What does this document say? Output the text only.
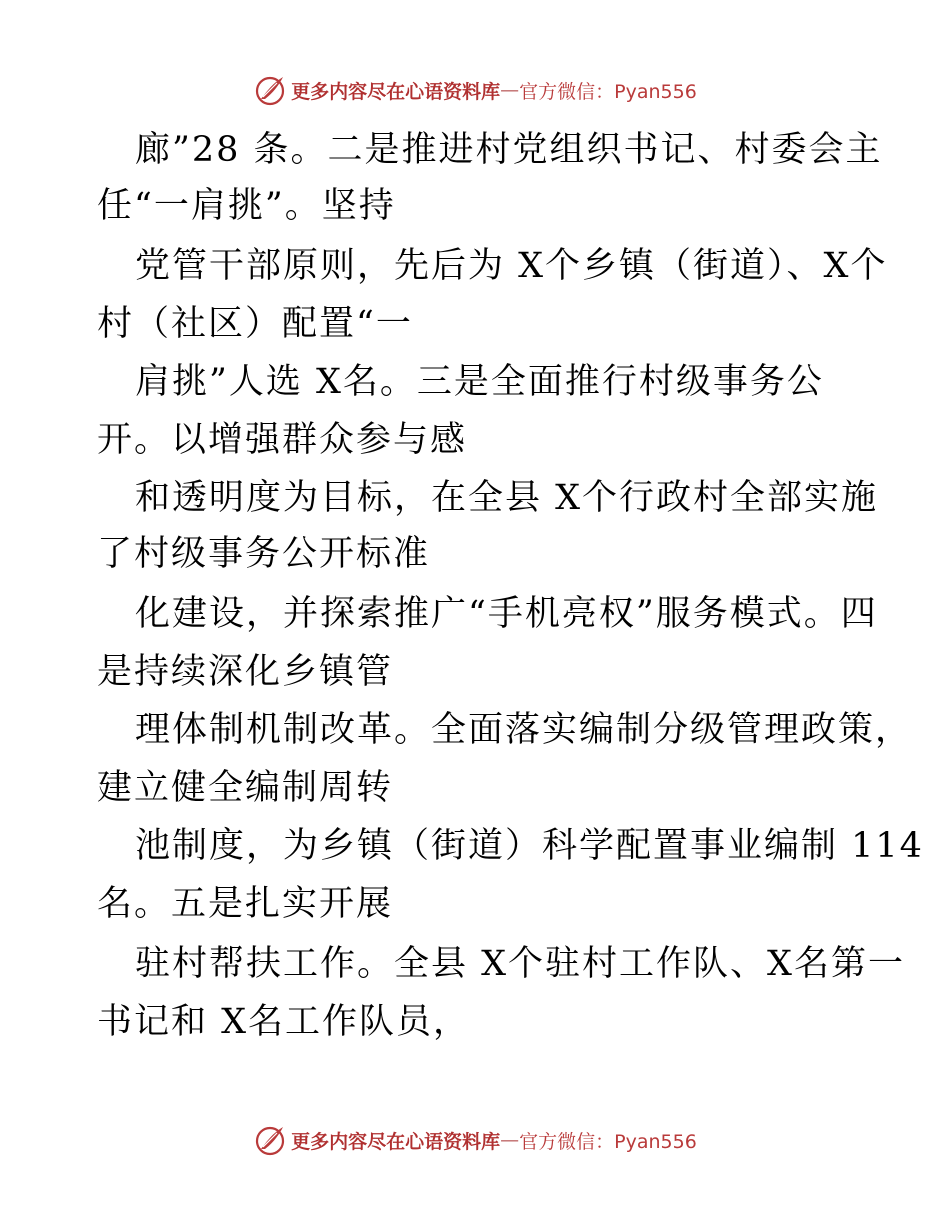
更多内容尽在心语资料库 — 官方微信：Pyan556
廊”28 条。二是推进村党组织书记、村委会主
任“一肩挑”。坚持
党管干部原则，先后为 X个乡镇（街道）、X个
村（社区）配置“一
肩挑”人选 X名。三是全面推行村级事务公
开。以增强群众参与感
和透明度为目标，在全县 X个行政村全部实施
了村级事务公开标准
化建设，并探索推广“手机亮权”服务模式。四
是持续深化乡镇管
理体制机制改革。全面落实编制分级管理政策，
建立健全编制周转
池制度，为乡镇（街道）科学配置事业编制 114
名。五是扎实开展
驻村帮扶工作。全县 X个驻村工作队、X名第一
书记和 X名工作队员，
更多内容尽在心语资料库 — 官方微信：Pyan556
